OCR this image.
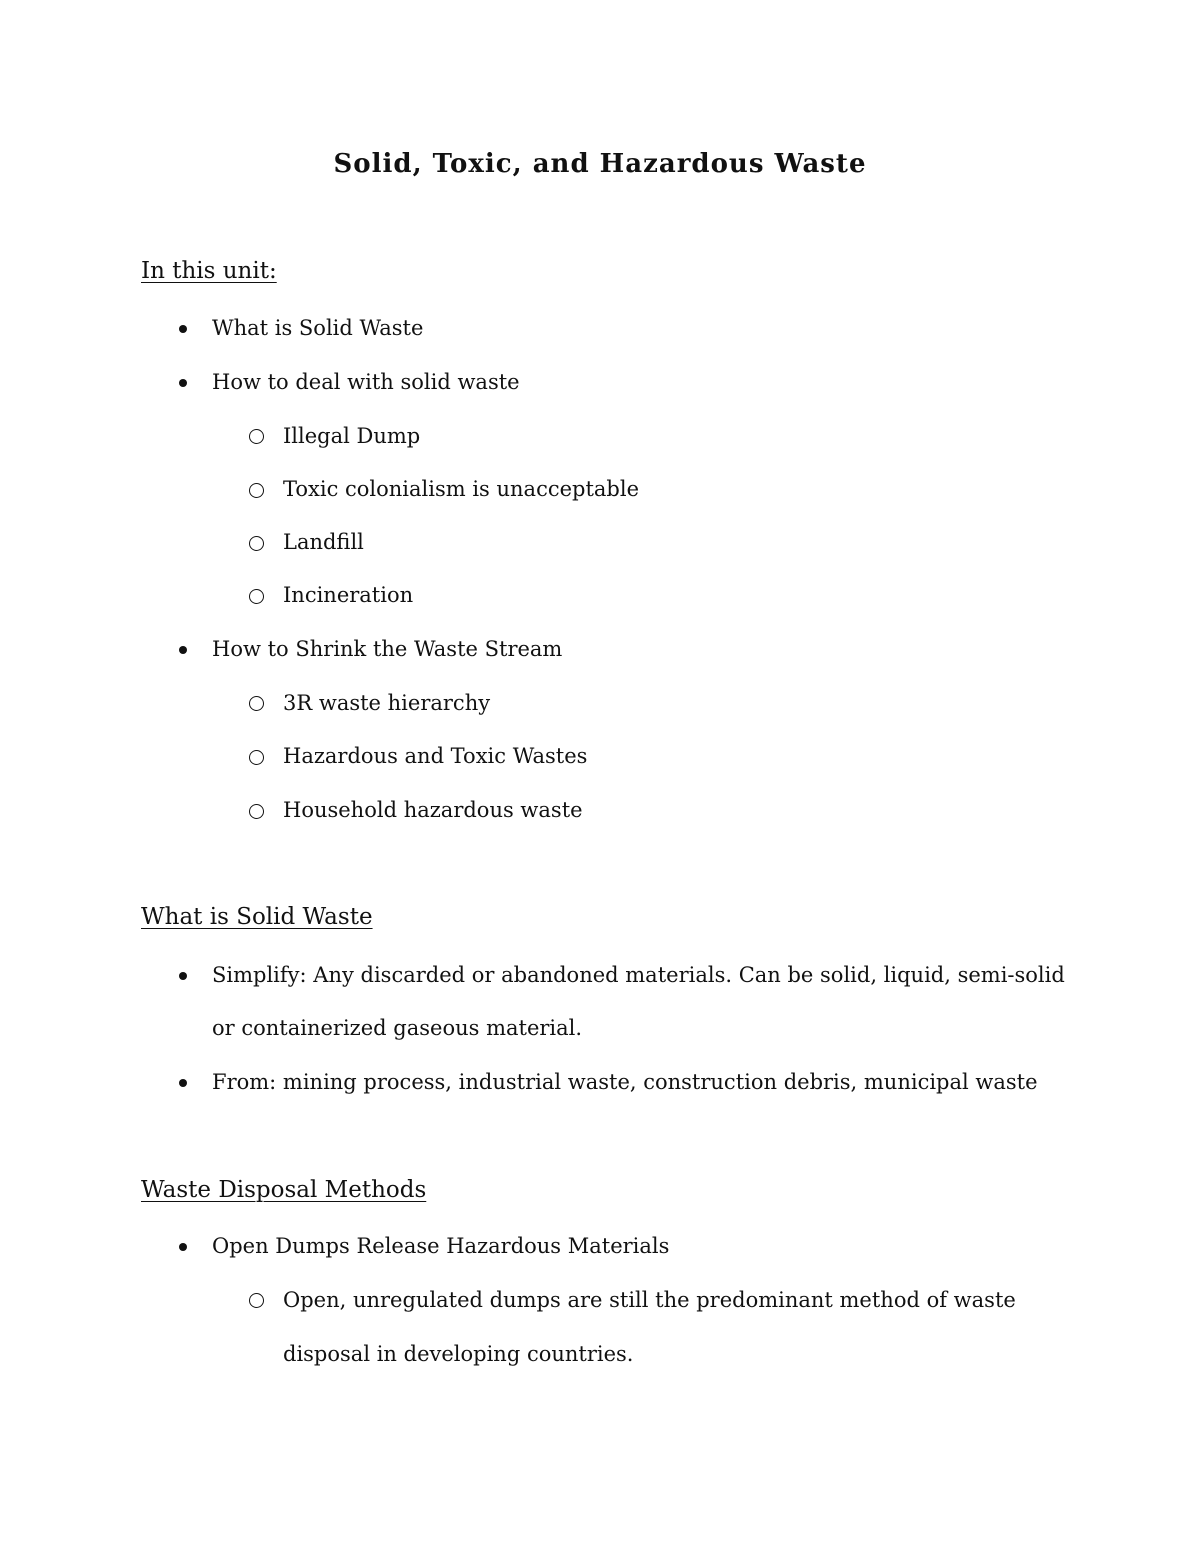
Solid, Toxic, and Hazardous Waste
In this unit:
What is Solid Waste
How to deal with solid waste
Illegal Dump
Toxic colonialism is unacceptable
Landfill
Incineration
How to Shrink the Waste Stream
3R waste hierarchy
Hazardous and Toxic Wastes
Household hazardous waste
What is Solid Waste
Simplify: Any discarded or abandoned materials. Can be solid, liquid, semi-solid
or containerized gaseous material.
From: mining process, industrial waste, construction debris, municipal waste
Waste Disposal Methods
Open Dumps Release Hazardous Materials
Open, unregulated dumps are still the predominant method of waste
disposal in developing countries.
